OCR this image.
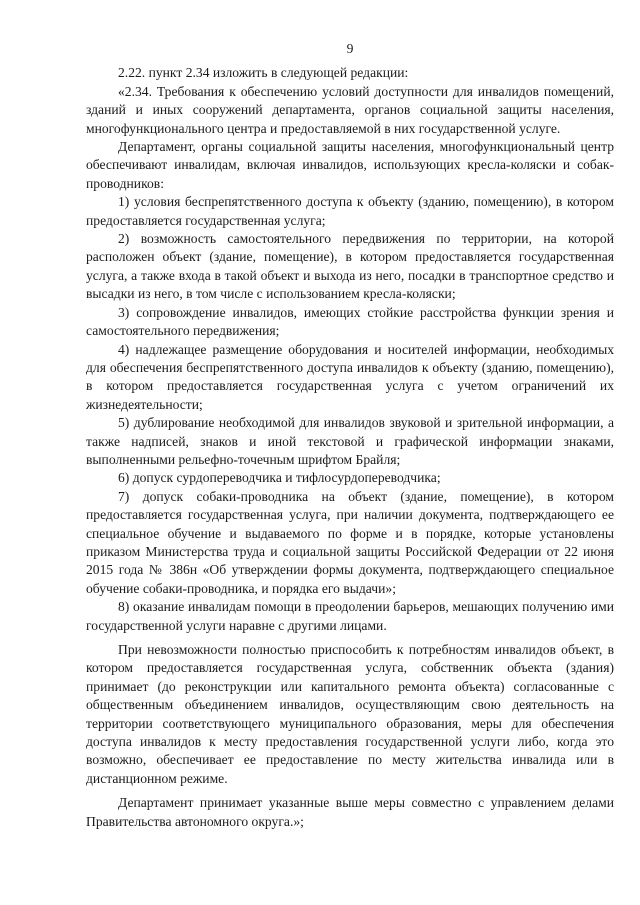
9

2.22. пункт 2.34 изложить в следующей редакции:

«2.34. Требования к обеспечению условий доступности для инвалидов помещений, зданий и иных сооружений департамента, органов социальной защиты населения, многофункционального центра и предоставляемой в них государственной услуге.

Департамент, органы социальной защиты населения, многофункциональный центр обеспечивают инвалидам, включая инвалидов, использующих кресла-коляски и собак-проводников:

1) условия беспрепятственного доступа к объекту (зданию, помещению), в котором предоставляется государственная услуга;

2) возможность самостоятельного передвижения по территории, на которой расположен объект (здание, помещение), в котором предоставляется государственная услуга, а также входа в такой объект и выхода из него, посадки в транспортное средство и высадки из него, в том числе с использованием кресла-коляски;

3) сопровождение инвалидов, имеющих стойкие расстройства функции зрения и самостоятельного передвижения;

4) надлежащее размещение оборудования и носителей информации, необходимых для обеспечения беспрепятственного доступа инвалидов к объекту (зданию, помещению), в котором предоставляется государственная услуга с учетом ограничений их жизнедеятельности;

5) дублирование необходимой для инвалидов звуковой и зрительной информации, а также надписей, знаков и иной текстовой и графической информации знаками, выполненными рельефно-точечным шрифтом Брайля;

6) допуск сурдопереводчика и тифлосурдопереводчика;

7) допуск собаки-проводника на объект (здание, помещение), в котором предоставляется государственная услуга, при наличии документа, подтверждающего ее специальное обучение и выдаваемого по форме и в порядке, которые установлены приказом Министерства труда и социальной защиты Российской Федерации от 22 июня 2015 года № 386н «Об утверждении формы документа, подтверждающего специальное обучение собаки-проводника, и порядка его выдачи»;

8) оказание инвалидам помощи в преодолении барьеров, мешающих получению ими государственной услуги наравне с другими лицами.

При невозможности полностью приспособить к потребностям инвалидов объект, в котором предоставляется государственная услуга, собственник объекта (здания) принимает (до реконструкции или капитального ремонта объекта) согласованные с общественным объединением инвалидов, осуществляющим свою деятельность на территории соответствующего муниципального образования, меры для обеспечения доступа инвалидов к месту предоставления государственной услуги либо, когда это возможно, обеспечивает ее предоставление по месту жительства инвалида или в дистанционном режиме.

Департамент принимает указанные выше меры совместно с управлением делами Правительства автономного округа.»;
